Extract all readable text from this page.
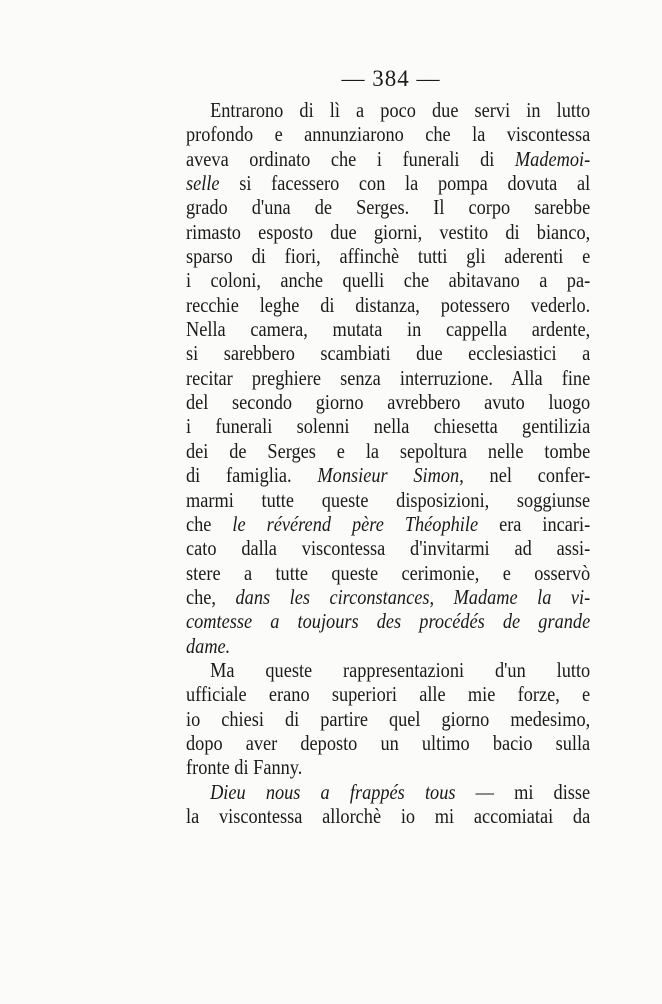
— 384 —
Entrarono di lì a poco due servi in lutto
profondo e annunziarono che la viscontessa
aveva ordinato che i funerali di Mademoi-
selle si facessero con la pompa dovuta al
grado d'una de Serges. Il corpo sarebbe
rimasto esposto due giorni, vestito di bianco,
sparso di fiori, affinchè tutti gli aderenti e
i coloni, anche quelli che abitavano a pa-
recchie leghe di distanza, potessero vederlo.
Nella camera, mutata in cappella ardente,
si sarebbero scambiati due ecclesiastici a
recitar preghiere senza interruzione. Alla fine
del secondo giorno avrebbero avuto luogo
i funerali solenni nella chiesetta gentilizia
dei de Serges e la sepoltura nelle tombe
di famiglia. Monsieur Simon, nel confer-
marmi tutte queste disposizioni, soggiunse
che le révérend père Théophile era incari-
cato dalla viscontessa d'invitarmi ad assi-
stere a tutte queste cerimonie, e osservò
che, dans les circonstances, Madame la vi-
comtesse a toujours des procédés de grande
dame.
Ma queste rappresentazioni d'un lutto
ufficiale erano superiori alle mie forze, e
io chiesi di partire quel giorno medesimo,
dopo aver deposto un ultimo bacio sulla
fronte di Fanny.
Dieu nous a frappés tous — mi disse
la viscontessa allorchè io mi accomiatai da
